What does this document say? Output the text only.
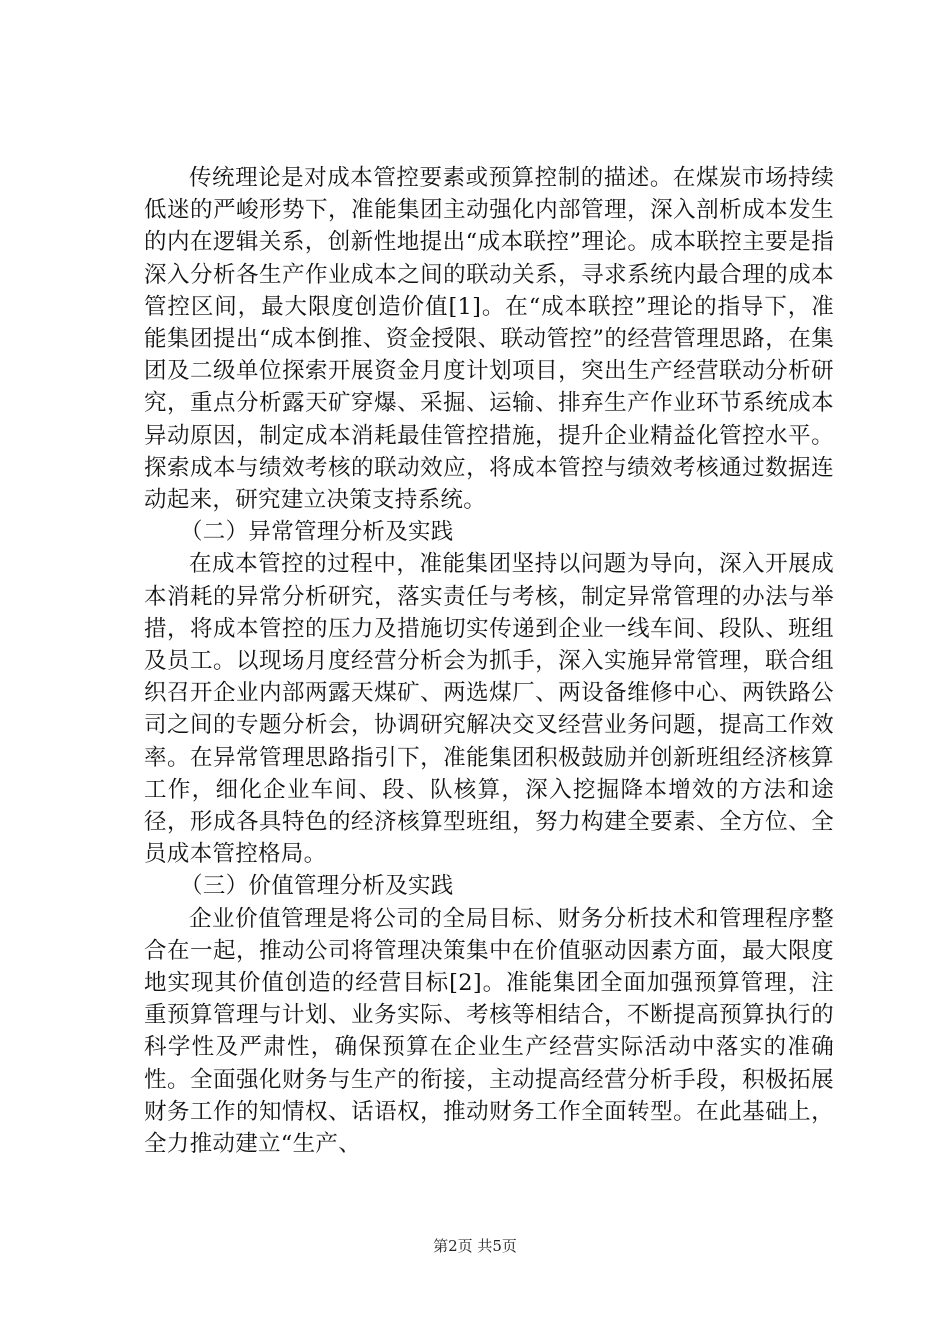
传统理论是对成本管控要素或预算控制的描述。在煤炭市场持续低迷的严峻形势下，准能集团主动强化内部管理，深入剖析成本发生的内在逻辑关系，创新性地提出“成本联控”理论。成本联控主要是指深入分析各生产作业成本之间的联动关系，寻求系统内最合理的成本管控区间，最大限度创造价值[1]。在“成本联控”理论的指导下，准能集团提出“成本倒推、资金授限、联动管控”的经营管理思路，在集团及二级单位探索开展资金月度计划项目，突出生产经营联动分析研究，重点分析露天矿穿爆、采掘、运输、排弃生产作业环节系统成本异动原因，制定成本消耗最佳管控措施，提升企业精益化管控水平。探索成本与绩效考核的联动效应，将成本管控与绩效考核通过数据连动起来，研究建立决策支持系统。

（二）异常管理分析及实践

在成本管控的过程中，准能集团坚持以问题为导向，深入开展成本消耗的异常分析研究，落实责任与考核，制定异常管理的办法与举措，将成本管控的压力及措施切实传递到企业一线车间、段队、班组及员工。以现场月度经营分析会为抓手，深入实施异常管理，联合组织召开企业内部两露天煤矿、两选煤厂、两设备维修中心、两铁路公司之间的专题分析会，协调研究解决交叉经营业务问题，提高工作效率。在异常管理思路指引下，准能集团积极鼓励并创新班组经济核算工作，细化企业车间、段、队核算，深入挖掘降本增效的方法和途径，形成各具特色的经济核算型班组，努力构建全要素、全方位、全员成本管控格局。

（三）价值管理分析及实践

企业价值管理是将公司的全局目标、财务分析技术和管理程序整合在一起，推动公司将管理决策集中在价值驱动因素方面，最大限度地实现其价值创造的经营目标[2]。准能集团全面加强预算管理，注重预算管理与计划、业务实际、考核等相结合，不断提高预算执行的科学性及严肃性，确保预算在企业生产经营实际活动中落实的准确性。全面强化财务与生产的衔接，主动提高经营分析手段，积极拓展财务工作的知情权、话语权，推动财务工作全面转型。在此基础上，全力推动建立“生产、

第2页 共5页
